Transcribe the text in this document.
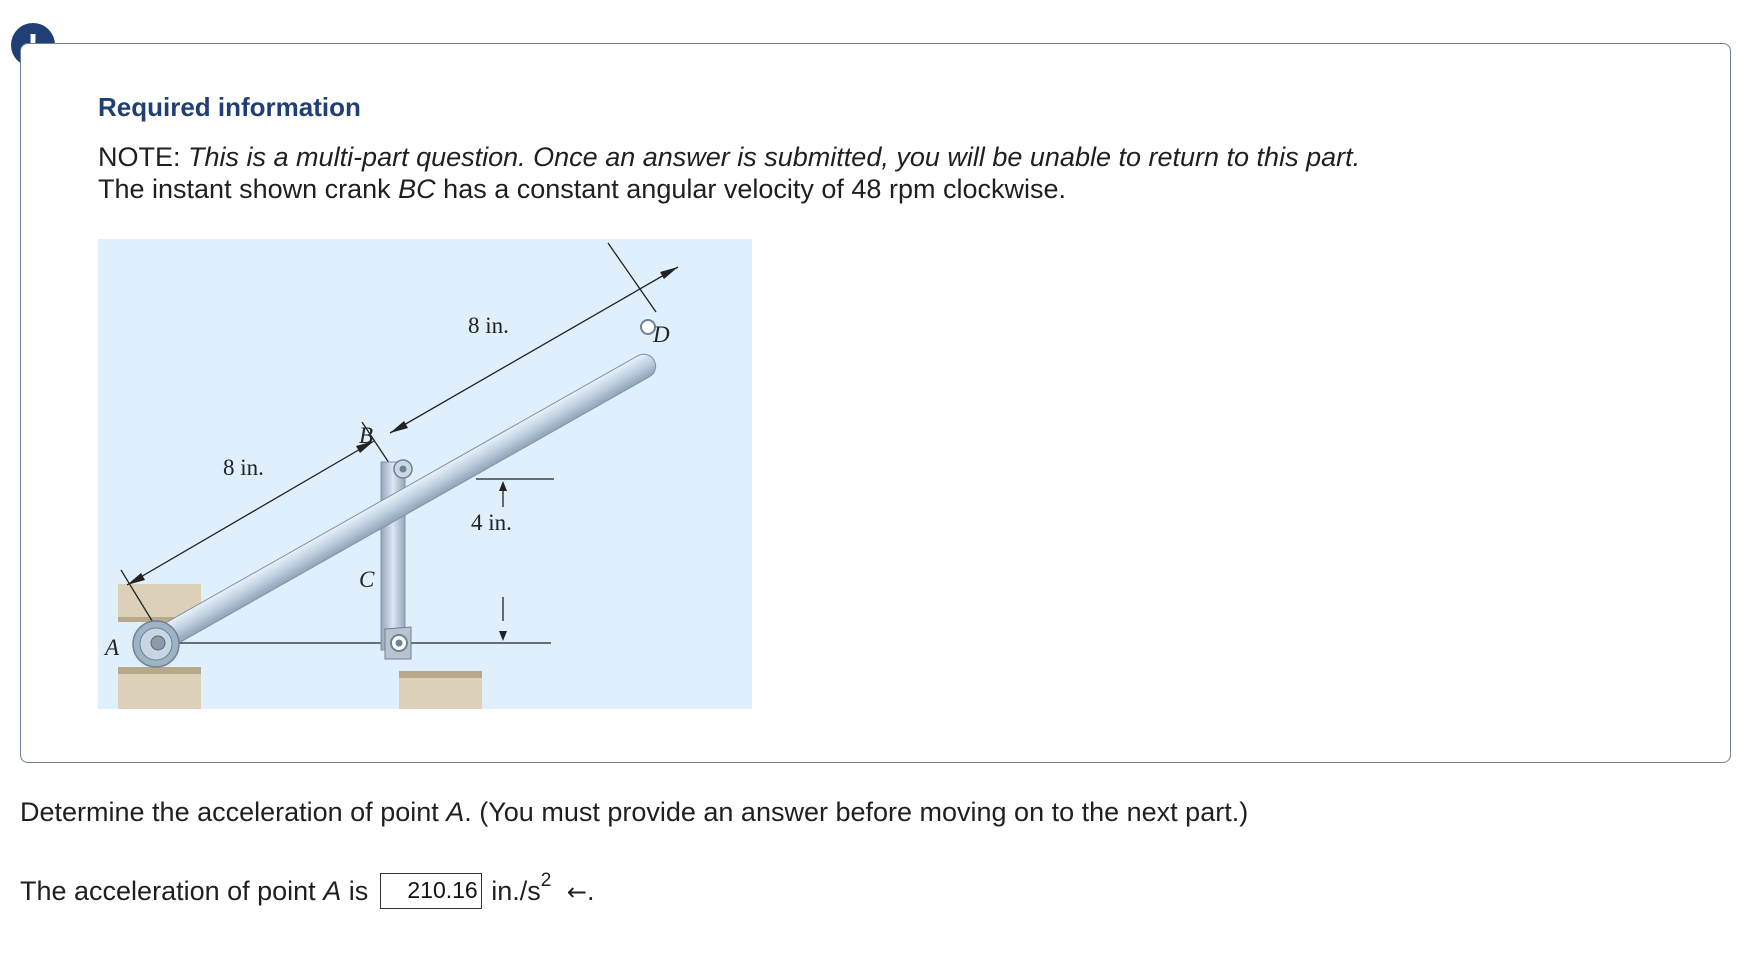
Required information
NOTE: This is a multi-part question. Once an answer is submitted, you will be unable to return to this part.
The instant shown crank BC has a constant angular velocity of 48 rpm clockwise.
A
B
C
D
8 in.
8 in.
4 in.
Determine the acceleration of point A. (You must provide an answer before moving on to the next part.)
The acceleration of point A is 210.16 $in./s^2$ ←.
